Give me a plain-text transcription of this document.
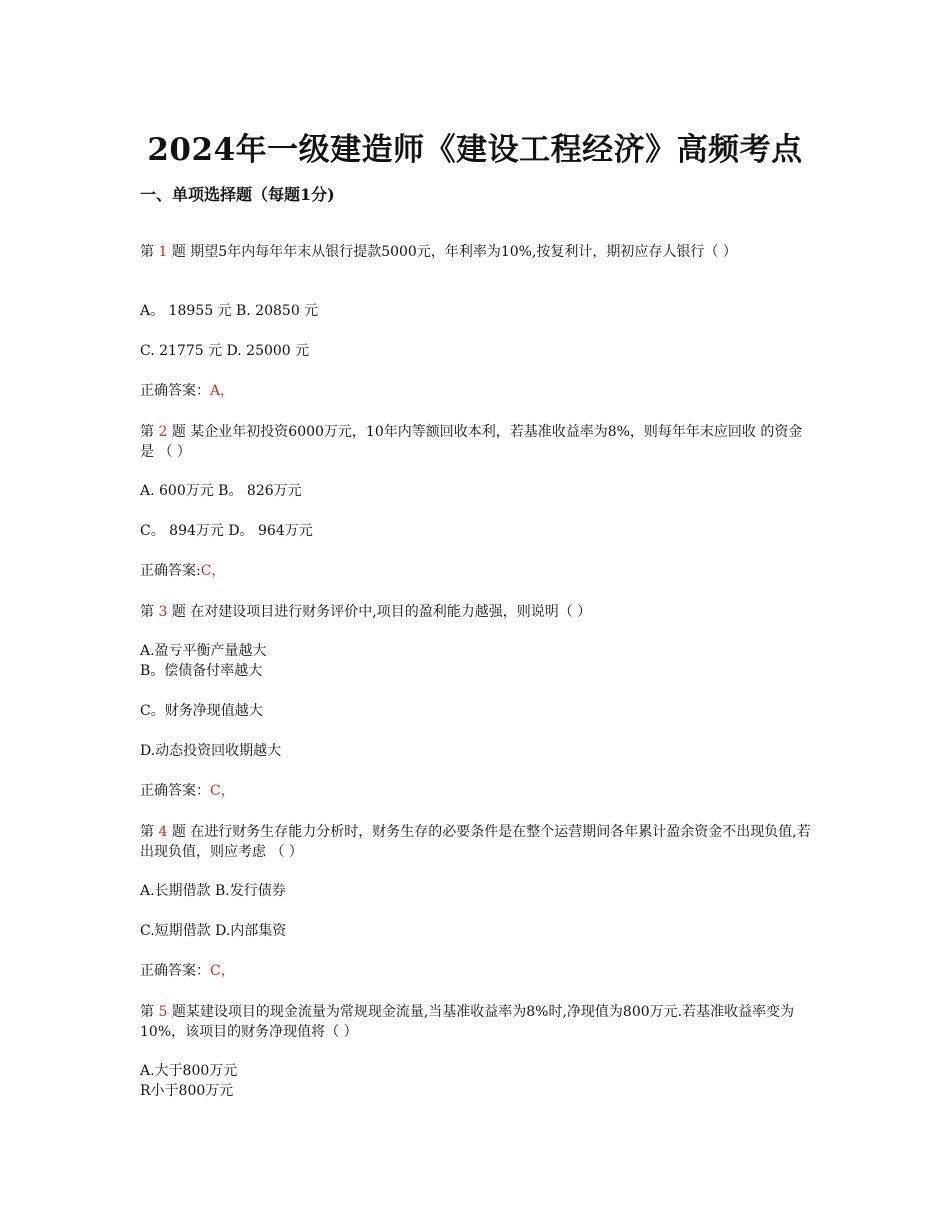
2024年一级建造师《建设工程经济》高频考点
一、单项选择题（每题1分)
第 1 题 期望5年内每年年末从银行提款5000元，年利率为10%,按复利计，期初应存人银行（ ）
A。 18955 元 B. 20850 元
C. 21775 元 D. 25000 元
正确答案：A，
第 2 题 某企业年初投资6000万元，10年内等额回收本利，若基准收益率为8%，则每年年末应回收 的资金是 （ ）
A. 600万元 B。 826万元
C。 894万元 D。 964万元
正确答案:C，
第 3 题 在对建设项目进行财务评价中,项目的盈利能力越强，则说明（ ）
A.盈亏平衡产量越大
B。偿债备付率越大
C。财务净现值越大
D.动态投资回收期越大
正确答案：C，
第 4 题 在进行财务生存能力分析时，财务生存的必要条件是在整个运营期间各年累计盈余资金不出现负值,若出现负值，则应考虑 （ ）
A.长期借款 B.发行债券
C.短期借款 D.内部集资
正确答案：C，
第 5 题某建设项目的现金流量为常规现金流量,当基准收益率为8%时,净现值为800万元.若基准收益率变为10%，该项目的财务净现值将（ ）
A.大于800万元
R小于800万元
